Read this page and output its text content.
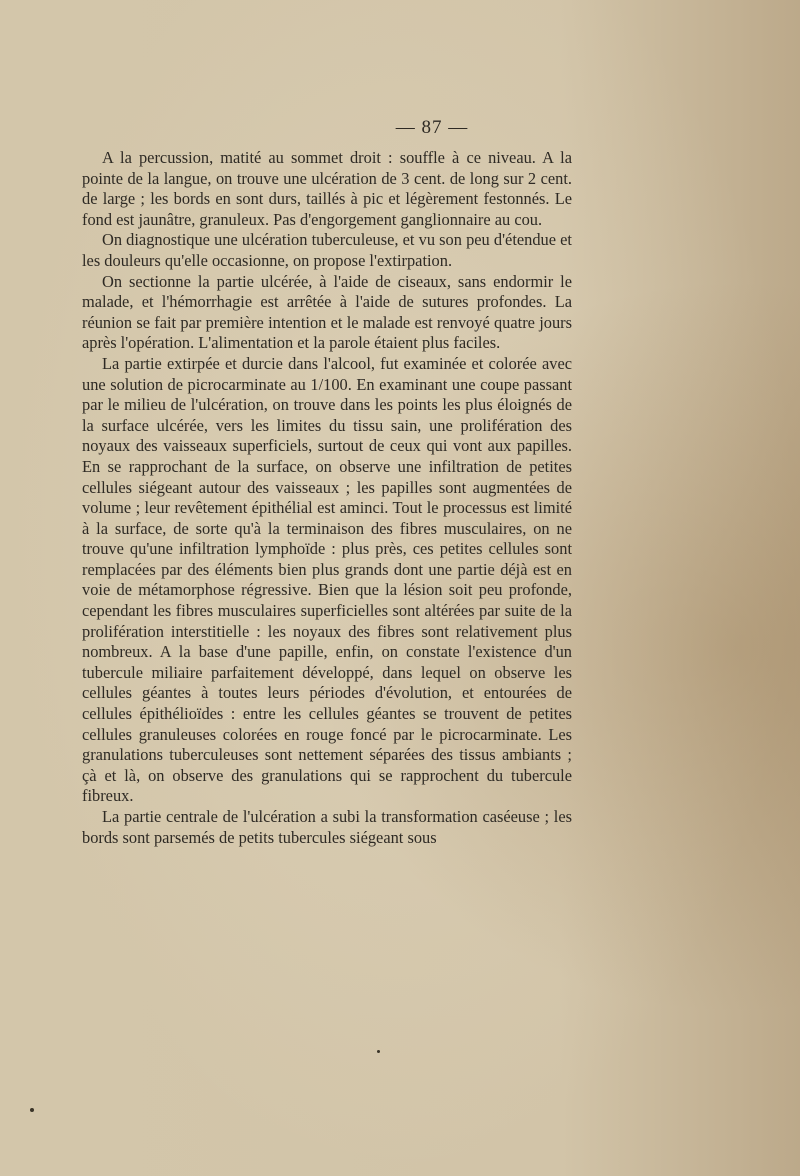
— 87 —

A la percussion, matité au sommet droit : souffle à ce niveau. A la pointe de la langue, on trouve une ulcération de 3 cent. de long sur 2 cent. de large ; les bords en sont durs, taillés à pic et légèrement festonnés. Le fond est jaunâtre, granuleux. Pas d'engorgement ganglionnaire au cou.

On diagnostique une ulcération tuberculeuse, et vu son peu d'étendue et les douleurs qu'elle occasionne, on propose l'extirpation.

On sectionne la partie ulcérée, à l'aide de ciseaux, sans endormir le malade, et l'hémorrhagie est arrêtée à l'aide de sutures profondes. La réunion se fait par première intention et le malade est renvoyé quatre jours après l'opération. L'alimentation et la parole étaient plus faciles.

La partie extirpée et durcie dans l'alcool, fut examinée et colorée avec une solution de picrocarminate au 1/100. En examinant une coupe passant par le milieu de l'ulcération, on trouve dans les points les plus éloignés de la surface ulcérée, vers les limites du tissu sain, une prolifération des noyaux des vaisseaux superficiels, surtout de ceux qui vont aux papilles. En se rapprochant de la surface, on observe une infiltration de petites cellules siégeant autour des vaisseaux ; les papilles sont augmentées de volume ; leur revêtement épithélial est aminci. Tout le processus est limité à la surface, de sorte qu'à la terminaison des fibres musculaires, on ne trouve qu'une infiltration lymphoïde : plus près, ces petites cellules sont remplacées par des éléments bien plus grands dont une partie déjà est en voie de métamorphose régressive. Bien que la lésion soit peu profonde, cependant les fibres musculaires superficielles sont altérées par suite de la prolifération interstitielle : les noyaux des fibres sont relativement plus nombreux. A la base d'une papille, enfin, on constate l'existence d'un tubercule miliaire parfaitement développé, dans lequel on observe les cellules géantes à toutes leurs périodes d'évolution, et entourées de cellules épithélioïdes : entre les cellules géantes se trouvent de petites cellules granuleuses colorées en rouge foncé par le picrocarminate. Les granulations tuberculeuses sont nettement séparées des tissus ambiants ; çà et là, on observe des granulations qui se rapprochent du tubercule fibreux.

La partie centrale de l'ulcération a subi la transformation caséeuse ; les bords sont parsemés de petits tubercules siégeant sous
